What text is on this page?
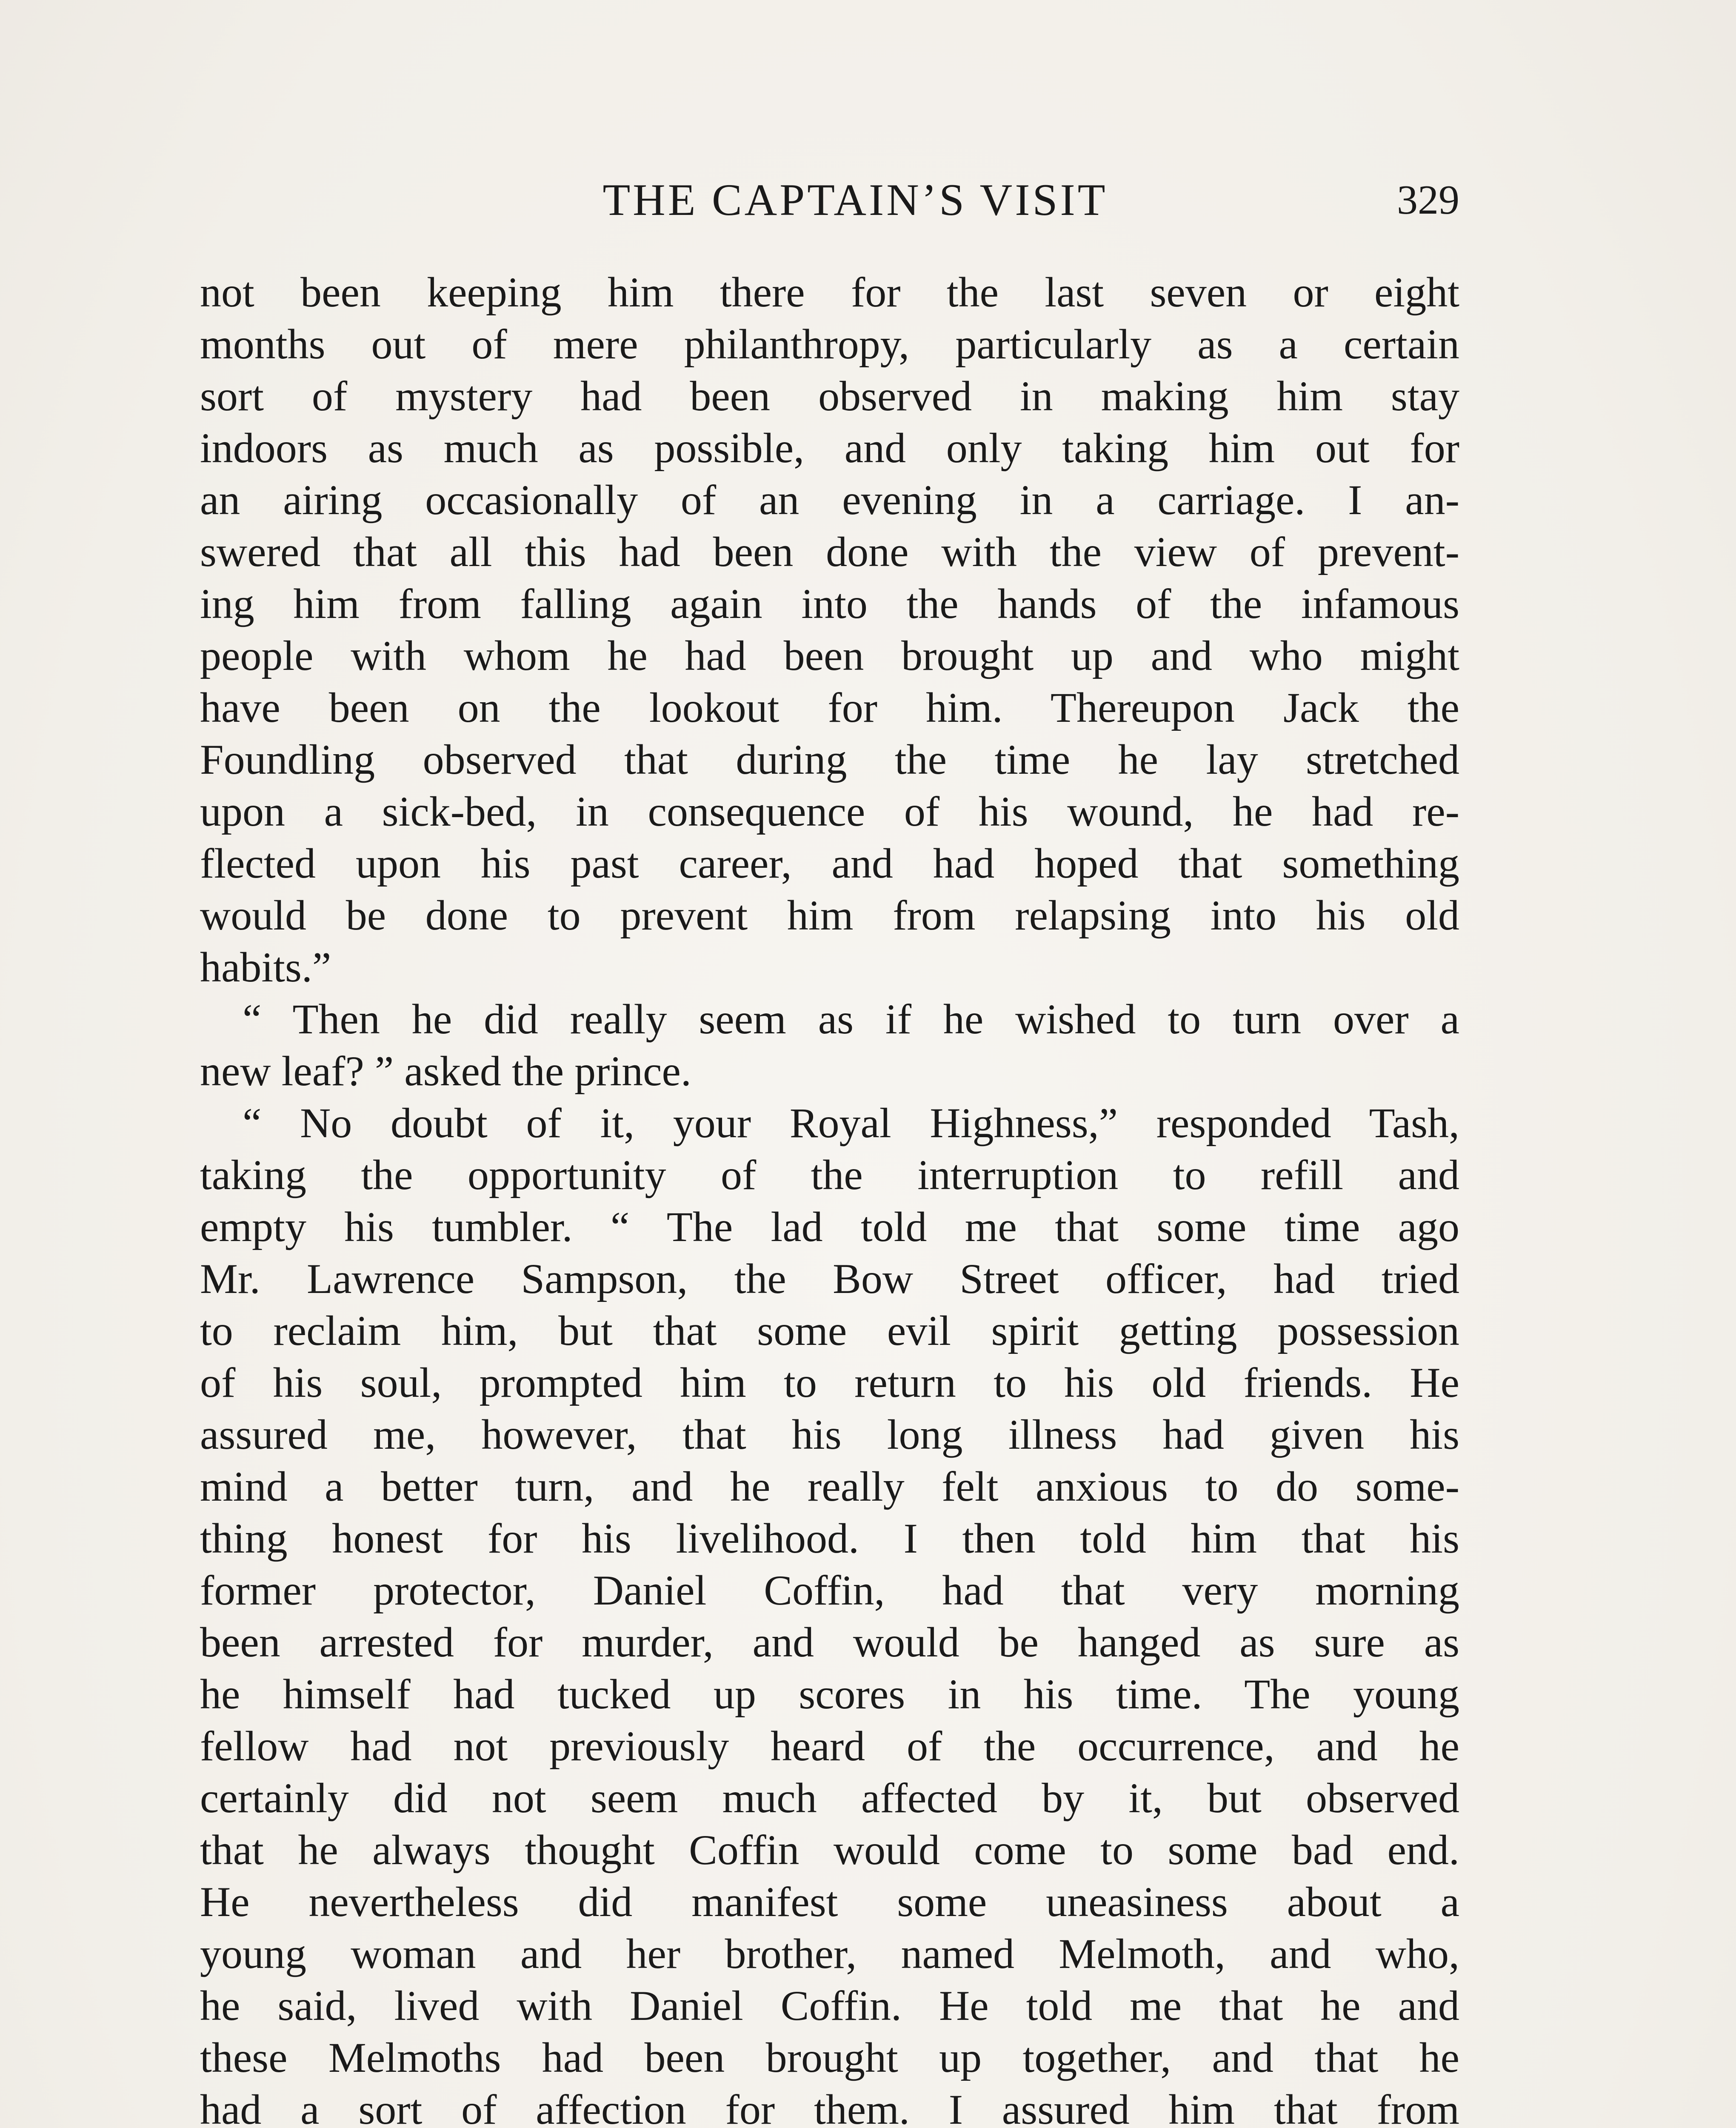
THE CAPTAIN’S VISIT	329
not been keeping him there for the last seven or eight
months out of mere philanthropy, particularly as a certain
sort of mystery had been observed in making him stay
indoors as much as possible, and only taking him out for
an airing occasionally of an evening in a carriage. I an-
swered that all this had been done with the view of prevent-
ing him from falling again into the hands of the infamous
people with whom he had been brought up and who might
have been on the lookout for him. Thereupon Jack the
Foundling observed that during the time he lay stretched
upon a sick-bed, in consequence of his wound, he had re-
flected upon his past career, and had hoped that something
would be done to prevent him from relapsing into his old
habits.”
“ Then he did really seem as if he wished to turn over a
new leaf? ” asked the prince.
“ No doubt of it, your Royal Highness,” responded Tash,
taking the opportunity of the interruption to refill and
empty his tumbler. “ The lad told me that some time ago
Mr. Lawrence Sampson, the Bow Street officer, had tried
to reclaim him, but that some evil spirit getting possession
of his soul, prompted him to return to his old friends. He
assured me, however, that his long illness had given his
mind a better turn, and he really felt anxious to do some-
thing honest for his livelihood. I then told him that his
former protector, Daniel Coffin, had that very morning
been arrested for murder, and would be hanged as sure as
he himself had tucked up scores in his time. The young
fellow had not previously heard of the occurrence, and he
certainly did not seem much affected by it, but observed
that he always thought Coffin would come to some bad end.
He nevertheless did manifest some uneasiness about a
young woman and her brother, named Melmoth, and who,
he said, lived with Daniel Coffin. He told me that he and
these Melmoths had been brought up together, and that he
had a sort of affection for them. I assured him that from
